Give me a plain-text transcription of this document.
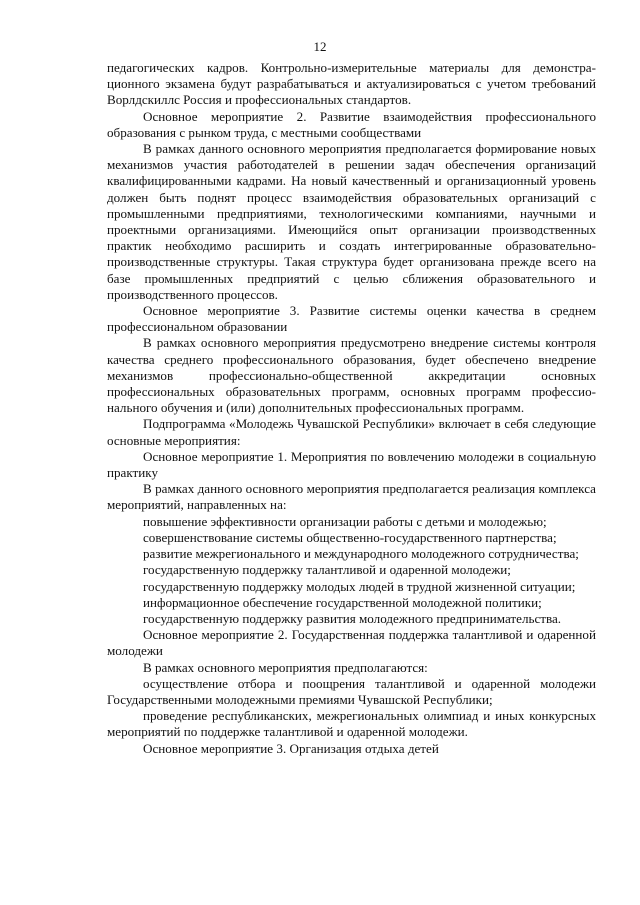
12

педагогических кадров. Контрольно-измерительные материалы для демонстрационного экзамена будут разрабатываться и актуализироваться с учетом требований Ворлдскиллс Россия и профессиональных стандартов.

Основное мероприятие 2. Развитие взаимодействия профессионального образования с рынком труда, с местными сообществами

В рамках данного основного мероприятия предполагается формирование новых механизмов участия работодателей в решении задач обеспечения организаций квалифицированными кадрами. На новый качественный и организационный уровень должен быть поднят процесс взаимодействия образовательных организаций с промышленными предприятиями, технологическими компаниями, научными и проектными организациями. Имеющийся опыт организации производственных практик необходимо расширить и создать интегрированные образовательно-производственные структуры. Такая структура будет организована прежде всего на базе промышленных предприятий с целью сближения образовательного и производственного процессов.

Основное мероприятие 3. Развитие системы оценки качества в среднем профессиональном образовании

В рамках основного мероприятия предусмотрено внедрение системы контроля качества среднего профессионального образования, будет обеспечено внедрение механизмов профессионально-общественной аккредитации основных профессиональных образовательных программ, основных программ профессионального обучения и (или) дополнительных профессиональных программ.

Подпрограмма «Молодежь Чувашской Республики» включает в себя следующие основные мероприятия:

Основное мероприятие 1. Мероприятия по вовлечению молодежи в социальную практику

В рамках данного основного мероприятия предполагается реализация комплекса мероприятий, направленных на:

повышение эффективности организации работы с детьми и молодежью;

совершенствование системы общественно-государственного партнерства;

развитие межрегионального и международного молодежного сотрудничества;

государственную поддержку талантливой и одаренной молодежи;

государственную поддержку молодых людей в трудной жизненной ситуации;

информационное обеспечение государственной молодежной политики;

государственную поддержку развития молодежного предпринимательства.

Основное мероприятие 2. Государственная поддержка талантливой и одаренной молодежи

В рамках основного мероприятия предполагаются:

осуществление отбора и поощрения талантливой и одаренной молодежи Государственными молодежными премиями Чувашской Республики;

проведение республиканских, межрегиональных олимпиад и иных конкурсных мероприятий по поддержке талантливой и одаренной молодежи.

Основное мероприятие 3. Организация отдыха детей
